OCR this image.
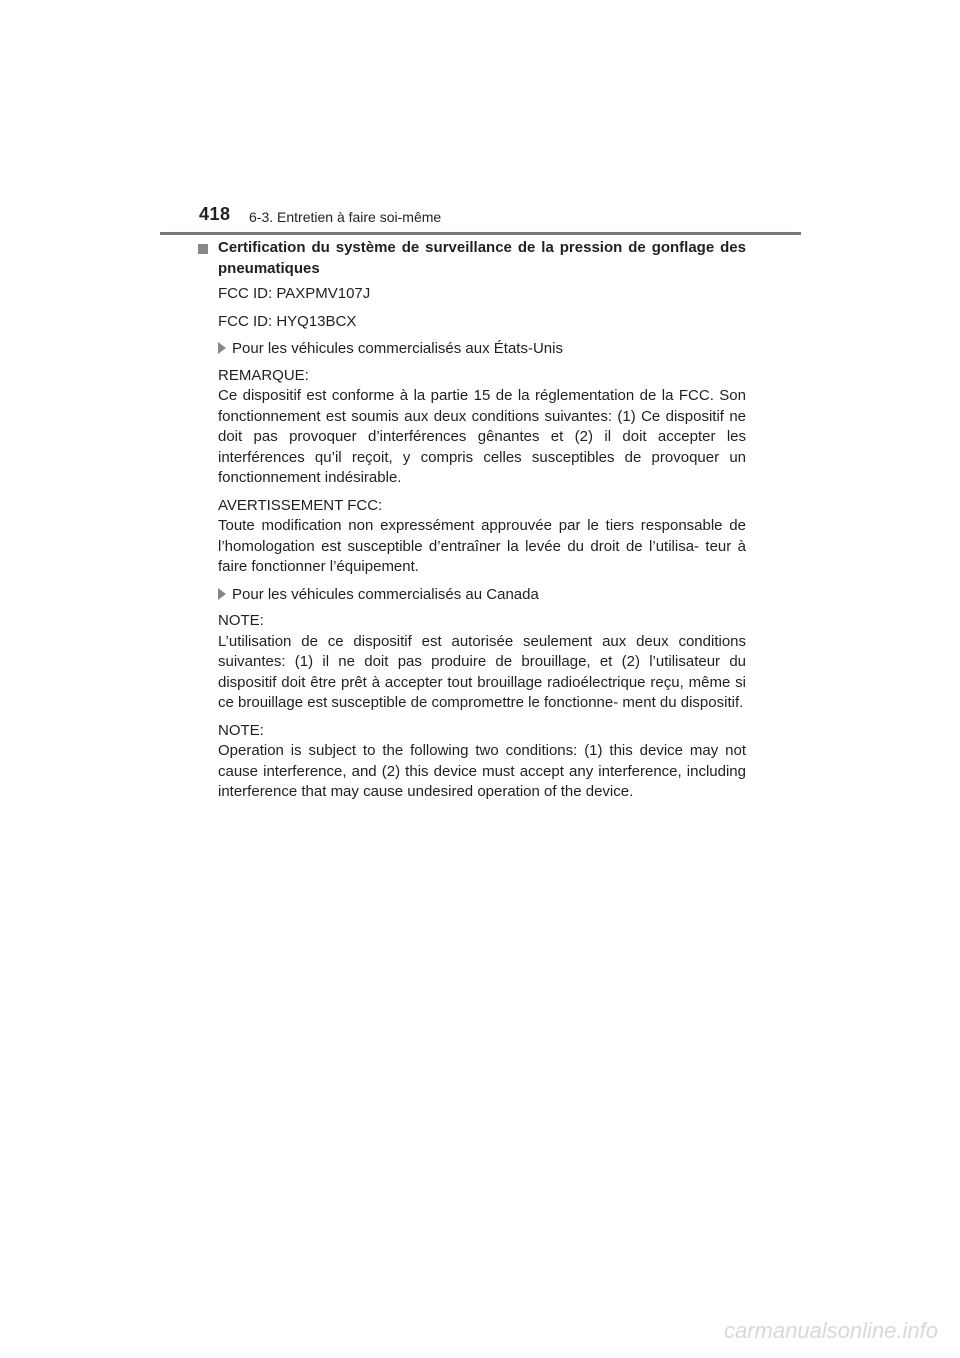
418 6-3. Entretien à faire soi-même
Certification du système de surveillance de la pression de gonflage des pneumatiques

FCC ID: PAXPMV107J

FCC ID: HYQ13BCX

Pour les véhicules commercialisés aux États-Unis
REMARQUE:
Ce dispositif est conforme à la partie 15 de la réglementation de la FCC. Son fonctionnement est soumis aux deux conditions suivantes: (1) Ce dispositif ne doit pas provoquer d’interférences gênantes et (2) il doit accepter les interférences qu’il reçoit, y compris celles susceptibles de provoquer un fonctionnement indésirable.
AVERTISSEMENT FCC:
Toute modification non expressément approuvée par le tiers responsable de l’homologation est susceptible d’entraîner la levée du droit de l’utilisa- teur à faire fonctionner l’équipement.
Pour les véhicules commercialisés au Canada
NOTE:
L’utilisation de ce dispositif est autorisée seulement aux deux conditions suivantes: (1) il ne doit pas produire de brouillage, et (2) l’utilisateur du dispositif doit être prêt à accepter tout brouillage radioélectrique reçu, même si ce brouillage est susceptible de compromettre le fonctionne- ment du dispositif.
NOTE:
Operation is subject to the following two conditions: (1) this device may not cause interference, and (2) this device must accept any interference, including interference that may cause undesired operation of the device.
carmanualsonline.info
